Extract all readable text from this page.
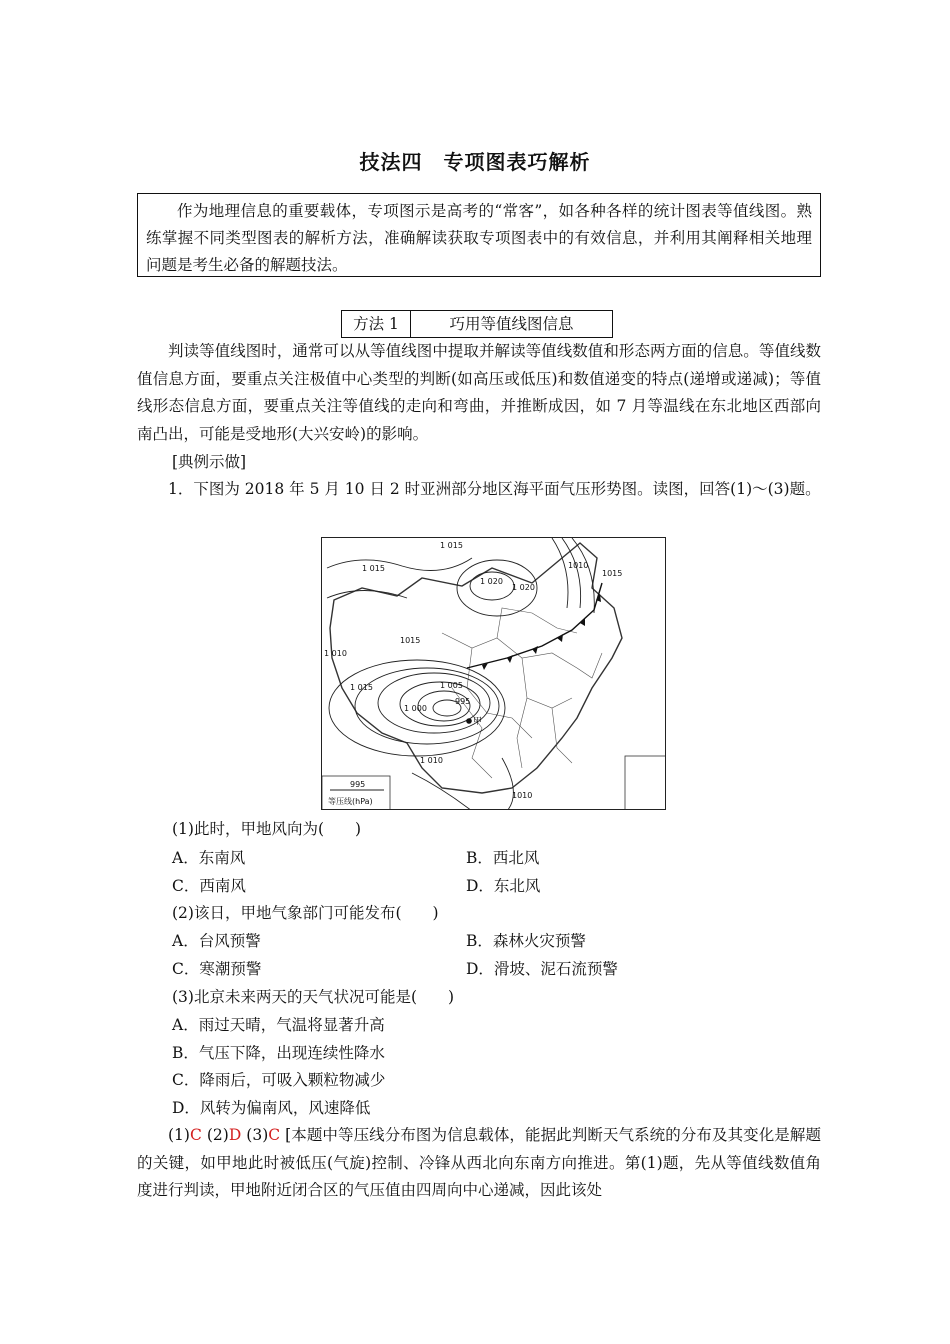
技法四　专项图表巧解析
作为地理信息的重要载体，专项图示是高考的“常客”，如各种各样的统计图表等值线图。熟练掌握不同类型图表的解析方法，准确解读获取专项图表中的有效信息，并利用其阐释相关地理问题是考生必备的解题技法。
方法 1	巧用等值线图信息
判读等值线图时，通常可以从等值线图中提取并解读等值线数值和形态两方面的信息。等值线数值信息方面，要重点关注极值中心类型的判断(如高压或低压)和数值递变的特点(递增或递减)；等值线形态信息方面，要重点关注等值线的走向和弯曲，并推断成因，如 7 月等温线在东北地区西部向南凸出，可能是受地形(大兴安岭)的影响。
[典例示做]
1．下图为 2018 年 5 月 10 日 2 时亚洲部分地区海平面气压形势图。读图，回答(1)～(3)题。
995
等压线(hPa)
1 015
1 015
1 020
1 020
1010
1015
1015
1 010
1 015
1 000
1 005
995
1 010
1010
甲
(1)此时，甲地风向为(　　)
A．东南风	B．西北风
C．西南风	D．东北风
(2)该日，甲地气象部门可能发布(　　)
A．台风预警	B．森林火灾预警
C．寒潮预警	D．滑坡、泥石流预警
(3)北京未来两天的天气状况可能是(　　)
A．雨过天晴，气温将显著升高
B．气压下降，出现连续性降水
C．降雨后，可吸入颗粒物减少
D．风转为偏南风，风速降低
(1)C (2)D (3)C [本题中等压线分布图为信息载体，能据此判断天气系统的分布及其变化是解题的关键，如甲地此时被低压(气旋)控制、冷锋从西北向东南方向推进。第(1)题，先从等值线数值角度进行判读，甲地附近闭合区的气压值由四周向中心递减，因此该处
